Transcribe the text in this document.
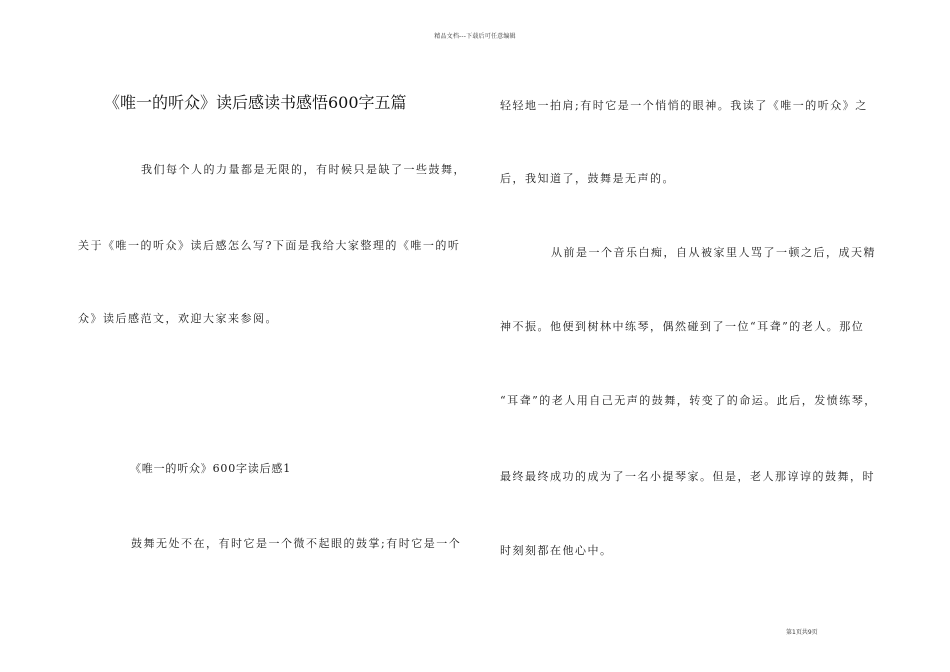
精品文档---下载后可任意编辑
《唯一的听众》读后感读书感悟600字五篇
我们每个人的力量都是无限的，有时候只是缺了一些鼓舞，
关于《唯一的听众》读后感怎么写?下面是我给大家整理的《唯一的听
众》读后感范文，欢迎大家来参阅。
《唯一的听众》600字读后感1
鼓舞无处不在，有时它是一个微不起眼的鼓掌;有时它是一个
轻轻地一拍肩;有时它是一个悄悄的眼神。我读了《唯一的听众》之
后，我知道了，鼓舞是无声的。
从前是一个音乐白痴，自从被家里人骂了一顿之后，成天精
神不振。他便到树林中练琴，偶然碰到了一位“耳聋”的老人。那位
“耳聋”的老人用自己无声的鼓舞，转变了的命运。此后，发愤练琴，
最终最终成功的成为了一名小提琴家。但是，老人那谆谆的鼓舞，时
时刻刻都在他心中。
第1页共9页
